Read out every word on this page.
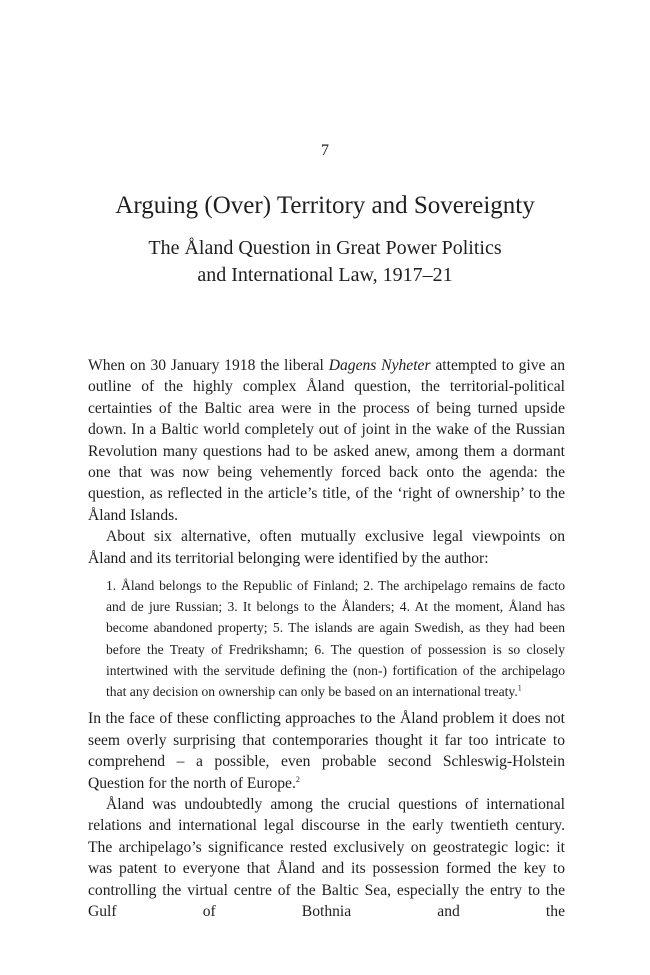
7
Arguing (Over) Territory and Sovereignty
The Åland Question in Great Power Politics
and International Law, 1917–21

When on 30 January 1918 the liberal Dagens Nyheter attempted to give an outline of the highly complex Åland question, the territorial-political certainties of the Baltic area were in the process of being turned upside down. In a Baltic world completely out of joint in the wake of the Russian Revolution many questions had to be asked anew, among them a dormant one that was now being vehemently forced back onto the agenda: the question, as reflected in the article’s title, of the ‘right of ownership’ to the Åland Islands.

About six alternative, often mutually exclusive legal viewpoints on Åland and its territorial belonging were identified by the author:

1. Åland belongs to the Republic of Finland; 2. The archipelago remains de facto and de jure Russian; 3. It belongs to the Ålanders; 4. At the moment, Åland has become abandoned property; 5. The islands are again Swedish, as they had been before the Treaty of Fredrikshamn; 6. The question of possession is so closely intertwined with the servitude defining the (non-) fortification of the archipelago that any decision on ownership can only be based on an international treaty.$^1$

In the face of these conflicting approaches to the Åland problem it does not seem overly surprising that contemporaries thought it far too intricate to comprehend – a possible, even probable second Schleswig-Holstein Question for the north of Europe.$^2$

Åland was undoubtedly among the crucial questions of international relations and international legal discourse in the early twentieth century. The archipelago’s significance rested exclusively on geostrategic logic: it was patent to everyone that Åland and its possession formed the key to controlling the virtual centre of the Baltic Sea, especially the entry to the Gulf of Bothnia and the
